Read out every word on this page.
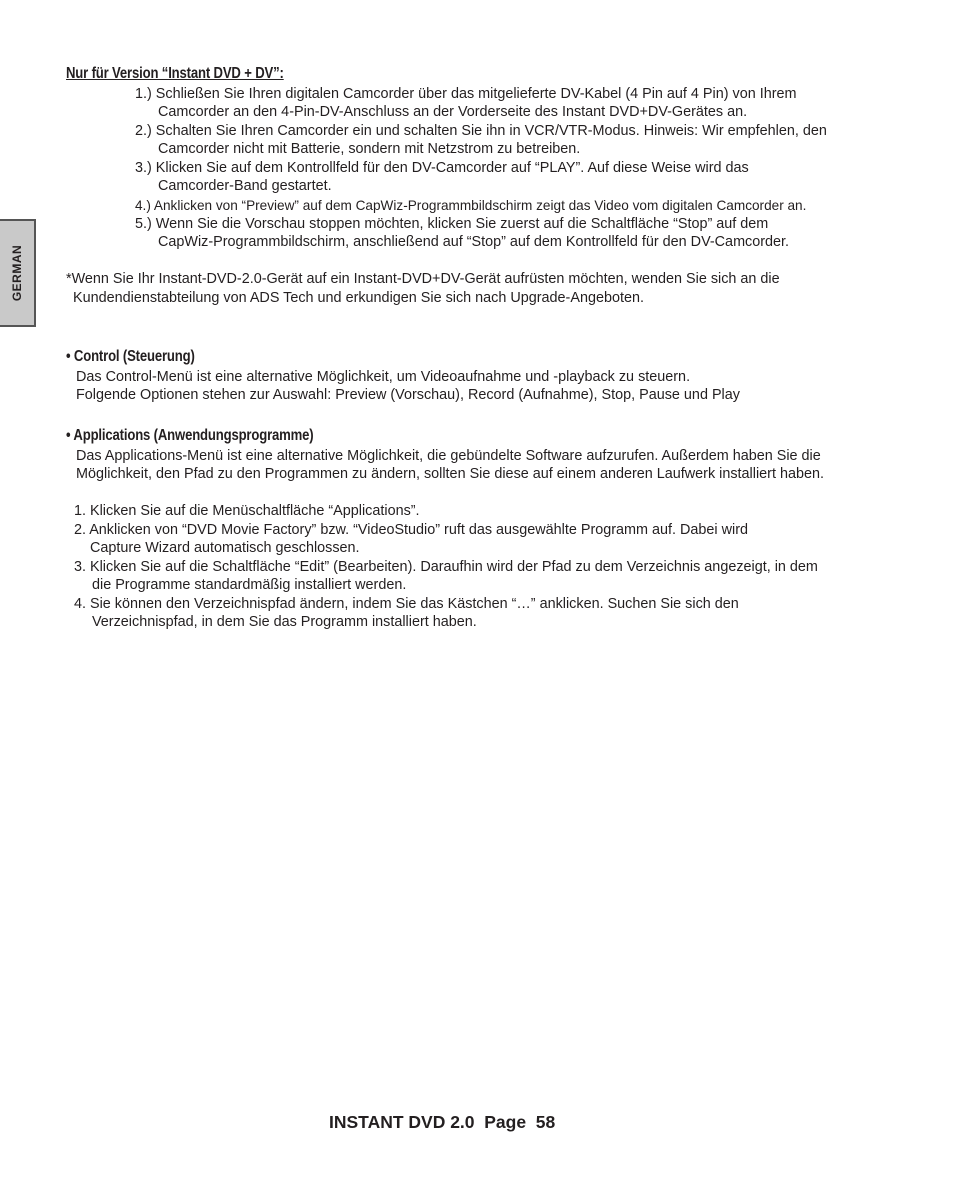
GERMAN
Nur für Version “Instant DVD + DV”:
1.) Schließen Sie Ihren digitalen Camcorder über das mitgelieferte DV-Kabel (4 Pin auf 4 Pin) von Ihrem
Camcorder an den 4-Pin-DV-Anschluss an der Vorderseite des Instant DVD+DV-Gerätes an.
2.) Schalten Sie Ihren Camcorder ein und schalten Sie ihn in VCR/VTR-Modus. Hinweis: Wir empfehlen, den
Camcorder nicht mit Batterie, sondern mit Netzstrom zu betreiben.
3.) Klicken Sie auf dem Kontrollfeld für den DV-Camcorder auf “PLAY”. Auf diese Weise wird das
Camcorder-Band gestartet.
4.) Anklicken von “Preview” auf dem CapWiz-Programmbildschirm zeigt das Video vom digitalen Camcorder an.
5.) Wenn Sie die Vorschau stoppen möchten, klicken Sie zuerst auf die Schaltfläche “Stop” auf dem
CapWiz-Programmbildschirm, anschließend auf “Stop” auf dem Kontrollfeld für den DV-Camcorder.
*Wenn Sie Ihr Instant-DVD-2.0-Gerät auf ein Instant-DVD+DV-Gerät aufrüsten möchten, wenden Sie sich an die
Kundendienstabteilung von ADS Tech und erkundigen Sie sich nach Upgrade-Angeboten.
• Control (Steuerung)
Das Control-Menü ist eine alternative Möglichkeit, um Videoaufnahme und -playback zu steuern.
Folgende Optionen stehen zur Auswahl: Preview (Vorschau), Record (Aufnahme), Stop, Pause und Play
• Applications (Anwendungsprogramme)
Das Applications-Menü ist eine alternative Möglichkeit, die gebündelte Software aufzurufen. Außerdem haben Sie die
Möglichkeit, den Pfad zu den Programmen zu ändern, sollten Sie diese auf einem anderen Laufwerk installiert haben.
1. Klicken Sie auf die Menüschaltfläche “Applications”.
2. Anklicken von “DVD Movie Factory” bzw. “VideoStudio” ruft das ausgewählte Programm auf. Dabei wird
Capture Wizard automatisch geschlossen.
3. Klicken Sie auf die Schaltfläche “Edit” (Bearbeiten). Daraufhin wird der Pfad zu dem Verzeichnis angezeigt, in dem
die Programme standardmäßig installiert werden.
4. Sie können den Verzeichnispfad ändern, indem Sie das Kästchen “…” anklicken. Suchen Sie sich den
Verzeichnispfad, in dem Sie das Programm installiert haben.
INSTANT DVD 2.0  Page  58
